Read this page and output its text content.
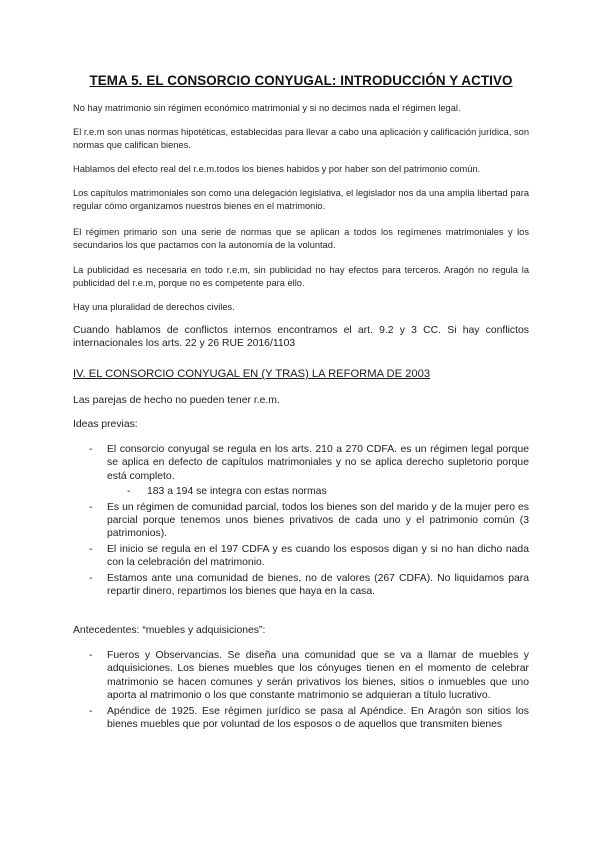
TEMA 5. EL CONSORCIO CONYUGAL: INTRODUCCIÓN Y ACTIVO

No hay matrimonio sin régimen económico matrimonial y si no decimos nada el régimen legal.

El r.e.m son unas normas hipotéticas, establecidas para llevar a cabo una aplicación y calificación jurídica, son normas que califican bienes.

Hablamos del efecto real del r.e.m.todos los bienes habidos y por haber son del patrimonio común.

Los capítulos matrimoniales son como una delegación legislativa, el legislador nos da una amplia libertad para regular cómo organizamos nuestros bienes en el matrimonio.

El régimen primario son una serie de normas que se aplican a todos los regímenes matrimoniales y los secundarios los que pactamos con la autonomía de la voluntad.

La publicidad es necesaria en todo r.e.m, sin publicidad no hay efectos para terceros. Aragón no regula la publicidad del r.e.m, porque no es competente para ello.

Hay una pluralidad de derechos civiles.

Cuando hablamos de conflictos internos encontramos el art. 9.2 y 3 CC. Si hay conflictos internacionales los arts. 22 y 26 RUE 2016/1103

IV. EL CONSORCIO CONYUGAL EN (Y TRAS) LA REFORMA DE 2003

Las parejas de hecho no pueden tener r.e.m.

Ideas previas:

- El consorcio conyugal se regula en los arts. 210 a 270 CDFA. es un régimen legal porque se aplica en defecto de capítulos matrimoniales y no se aplica derecho supletorio porque está completo.
- 183 a 194 se integra con estas normas
- Es un régimen de comunidad parcial, todos los bienes son del marido y de la mujer pero es parcial porque tenemos unos bienes privativos de cada uno y el patrimonio común (3 patrimonios).
- El inicio se regula en el 197 CDFA y es cuando los esposos digan y si no han dicho nada con la celebración del matrimonio.
- Estamos ante una comunidad de bienes, no de valores (267 CDFA). No liquidamos para repartir dinero, repartimos los bienes que haya en la casa.

Antecedentes: “muebles y adquisiciones”:

- Fueros y Observancias. Se diseña una comunidad que se va a llamar de muebles y adquisiciones. Los bienes muebles que los cónyuges tienen en el momento de celebrar matrimonio se hacen comunes y serán privativos los bienes, sitios o inmuebles que uno aporta al matrimonio o los que constante matrimonio se adquieran a título lucrativo.
- Apéndice de 1925. Ese régimen jurídico se pasa al Apéndice. En Aragón son sitios los bienes muebles que por voluntad de los esposos o de aquellos que transmiten bienes
